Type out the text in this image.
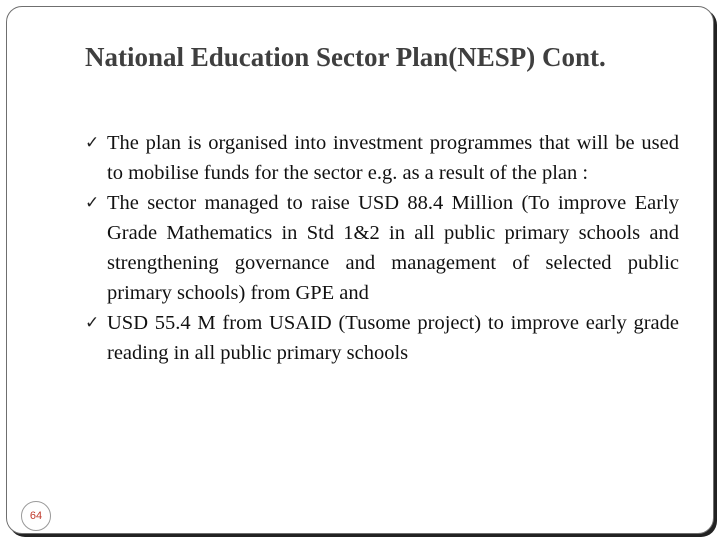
National Education Sector Plan(NESP) Cont.
✓ The plan is organised into investment programmes that will be used to mobilise funds for the sector e.g. as a result of the plan :
✓ The sector managed to raise USD 88.4 Million (To improve Early Grade Mathematics in Std 1&2 in all public primary schools and strengthening governance and management of selected public primary schools) from GPE and
✓ USD 55.4 M from USAID (Tusome project) to improve early grade reading in all public primary schools
64
